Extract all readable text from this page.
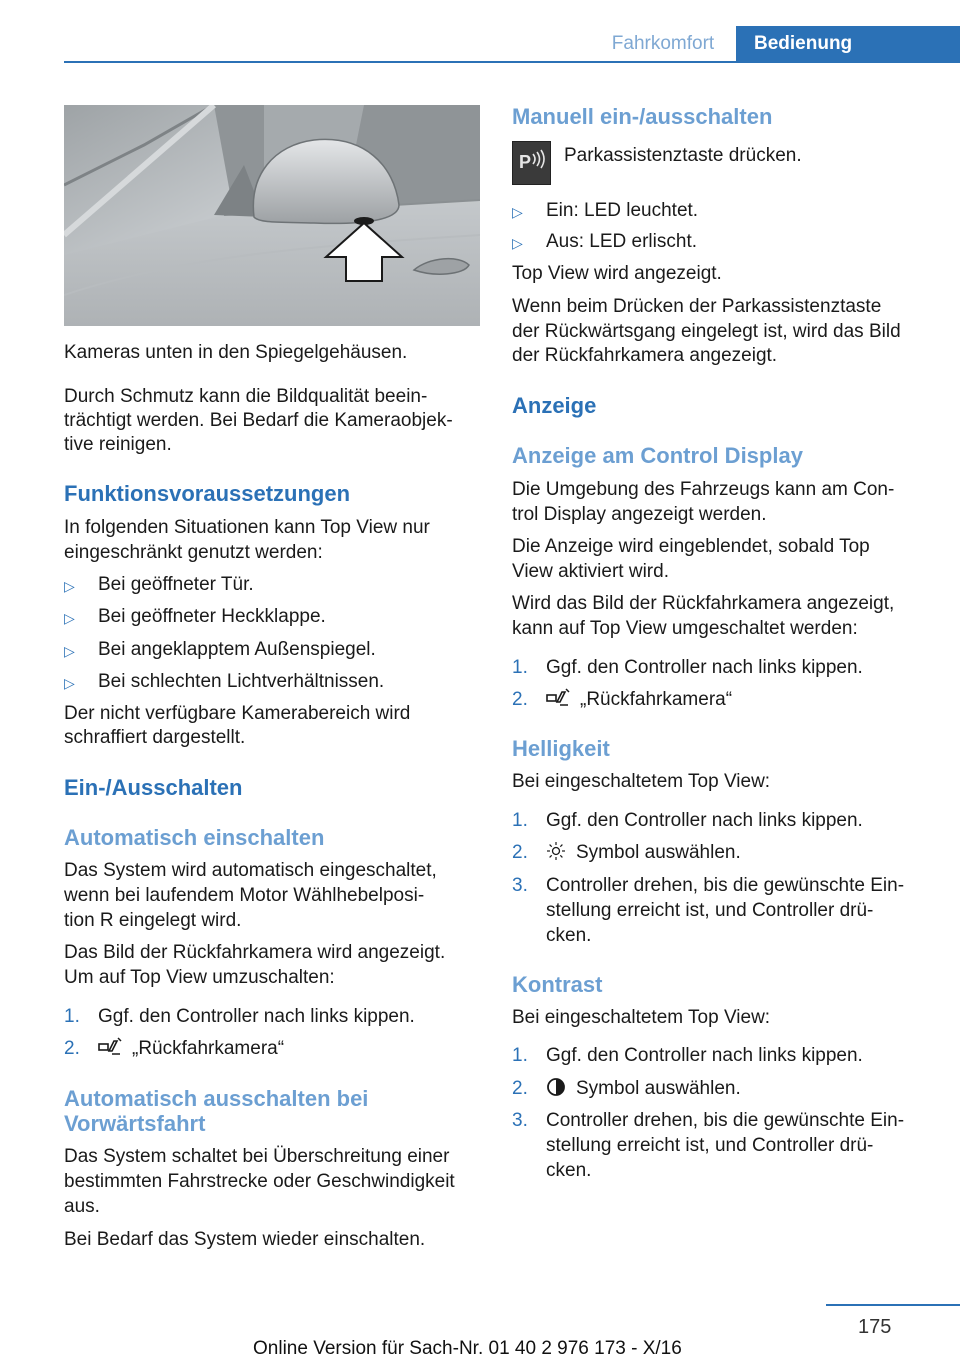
Fahrkomfort	Bedienung
Kameras unten in den Spiegelgehäusen.
Durch Schmutz kann die Bildqualität beein-
trächtigt werden. Bei Bedarf die Kameraobjek-
tive reinigen.
Funktionsvoraussetzungen
In folgenden Situationen kann Top View nur
eingeschränkt genutzt werden:
▷ Bei geöffneter Tür.
▷ Bei geöffneter Heckklappe.
▷ Bei angeklapptem Außenspiegel.
▷ Bei schlechten Lichtverhältnissen.
Der nicht verfügbare Kamerabereich wird
schraffiert dargestellt.
Ein-/Ausschalten
Automatisch einschalten
Das System wird automatisch eingeschaltet,
wenn bei laufendem Motor Wählhebelposi-
tion R eingelegt wird.
Das Bild der Rückfahrkamera wird angezeigt.
Um auf Top View umzuschalten:
1. Ggf. den Controller nach links kippen.
2.	„Rückfahrkamera“
Automatisch ausschalten bei
Vorwärtsfahrt
Das System schaltet bei Überschreitung einer
bestimmten Fahrstrecke oder Geschwindigkeit
aus.
Bei Bedarf das System wieder einschalten.
Manuell ein-/ausschalten
P Parkassistenztaste drücken.
▷ Ein: LED leuchtet.
▷ Aus: LED erlischt.
Top View wird angezeigt.
Wenn beim Drücken der Parkassistenztaste
der Rückwärtsgang eingelegt ist, wird das Bild
der Rückfahrkamera angezeigt.
Anzeige
Anzeige am Control Display
Die Umgebung des Fahrzeugs kann am Con-
trol Display angezeigt werden.
Die Anzeige wird eingeblendet, sobald Top
View aktiviert wird.
Wird das Bild der Rückfahrkamera angezeigt,
kann auf Top View umgeschaltet werden:
1. Ggf. den Controller nach links kippen.
2.	„Rückfahrkamera“
Helligkeit
Bei eingeschaltetem Top View:
1. Ggf. den Controller nach links kippen.
2.	Symbol auswählen.
3. Controller drehen, bis die gewünschte Ein-
stellung erreicht ist, und Controller drü-
cken.
Kontrast
Bei eingeschaltetem Top View:
1. Ggf. den Controller nach links kippen.
2.	Symbol auswählen.
3. Controller drehen, bis die gewünschte Ein-
stellung erreicht ist, und Controller drü-
cken.
175
Online Version für Sach-Nr. 01 40 2 976 173 - X/16
